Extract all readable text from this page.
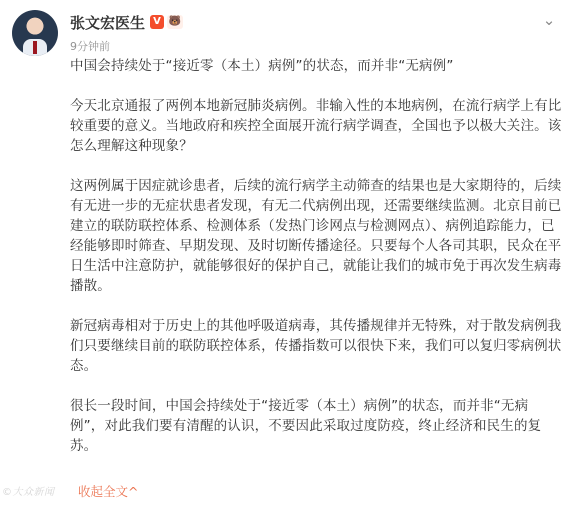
张文宏医生 V 🐻
9分钟前
⌄

中国会持续处于“接近零（本土）病例”的状态，而并非“无病例”

今天北京通报了两例本地新冠肺炎病例。非输入性的本地病例，在流行病学上有比较重要的意义。当地政府和疾控全面展开流行病学调查，全国也予以极大关注。该怎么理解这种现象？

这两例属于因症就诊患者，后续的流行病学主动筛查的结果也是大家期待的，后续有无进一步的无症状患者发现，有无二代病例出现，还需要继续监测。北京目前已建立的联防联控体系、检测体系（发热门诊网点与检测网点）、病例追踪能力，已经能够即时筛查、早期发现、及时切断传播途径。只要每个人各司其职，民众在平日生活中注意防护，就能够很好的保护自己，就能让我们的城市免于再次发生病毒播散。

新冠病毒相对于历史上的其他呼吸道病毒，其传播规律并无特殊，对于散发病例我们只要继续目前的联防联控体系，传播指数可以很快下来，我们可以复归零病例状态。

很长一段时间，中国会持续处于“接近零（本土）病例”的状态，而并非“无病例”，对此我们要有清醒的认识，不要因此采取过度防疫，终止经济和民生的复苏。

©大众新闻 收起全文^
